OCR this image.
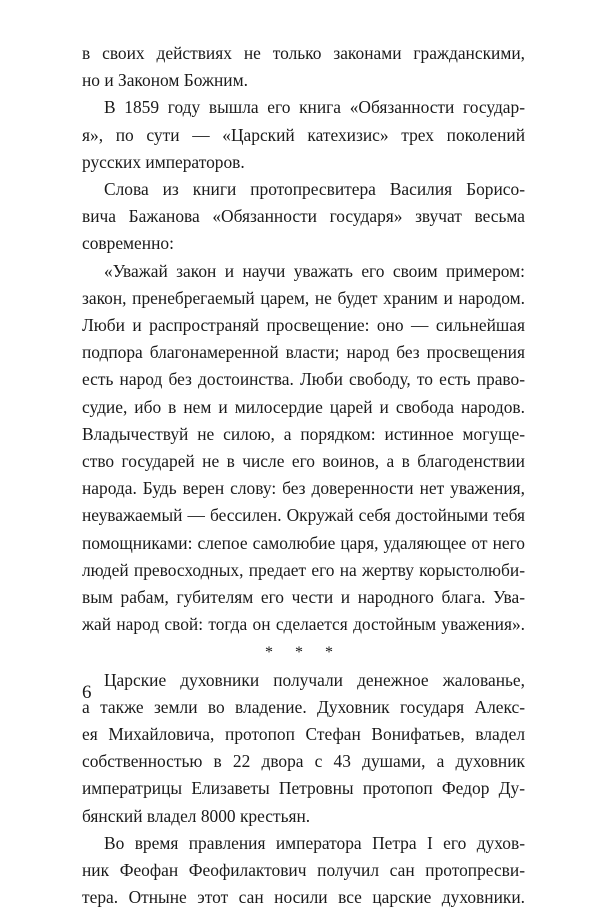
в своих действиях не только законами гражданскими,
но и Законом Божним.
В 1859 году вышла его книга «Обязанности государ-
я», по сути — «Царский катехизис» трех поколений
русских императоров.
Слова из книги протопресвитера Василия Борисо-
вича Бажанова «Обязанности государя» звучат весьма
современно:
«Уважай закон и научи уважать его своим примером:
закон, пренебрегаемый царем, не будет храним и народом.
Люби и распространяй просвещение: оно — сильнейшая
подпора благонамеренной власти; народ без просвещения
есть народ без достоинства. Люби свободу, то есть право-
судие, ибо в нем и милосердие царей и свобода народов.
Владычествуй не силою, а порядком: истинное могуще-
ство государей не в числе его воинов, а в благоденствии
народа. Будь верен слову: без доверенности нет уважения,
неуважаемый — бессилен. Окружай себя достойными тебя
помощниками: слепое самолюбие царя, удаляющее от него
людей превосходных, предает его на жертву корыстолюби-
вым рабам, губителям его чести и народного блага. Ува-
жай народ свой: тогда он сделается достойным уважения».
* * *
Царские духовники получали денежное жалованье,
а также земли во владение. Духовник государя Алекс-
ея Михайловича, протопоп Стефан Вонифатьев, владел
собственностью в 22 двора с 43 душами, а духовник
императрицы Елизаветы Петровны протопоп Федор Ду-
бянский владел 8000 крестьян.
Во время правления императора Петра I его духов-
ник Феофан Феофилактович получил сан протопресви-
тера. Отныне этот сан носили все царские духовники.
6
